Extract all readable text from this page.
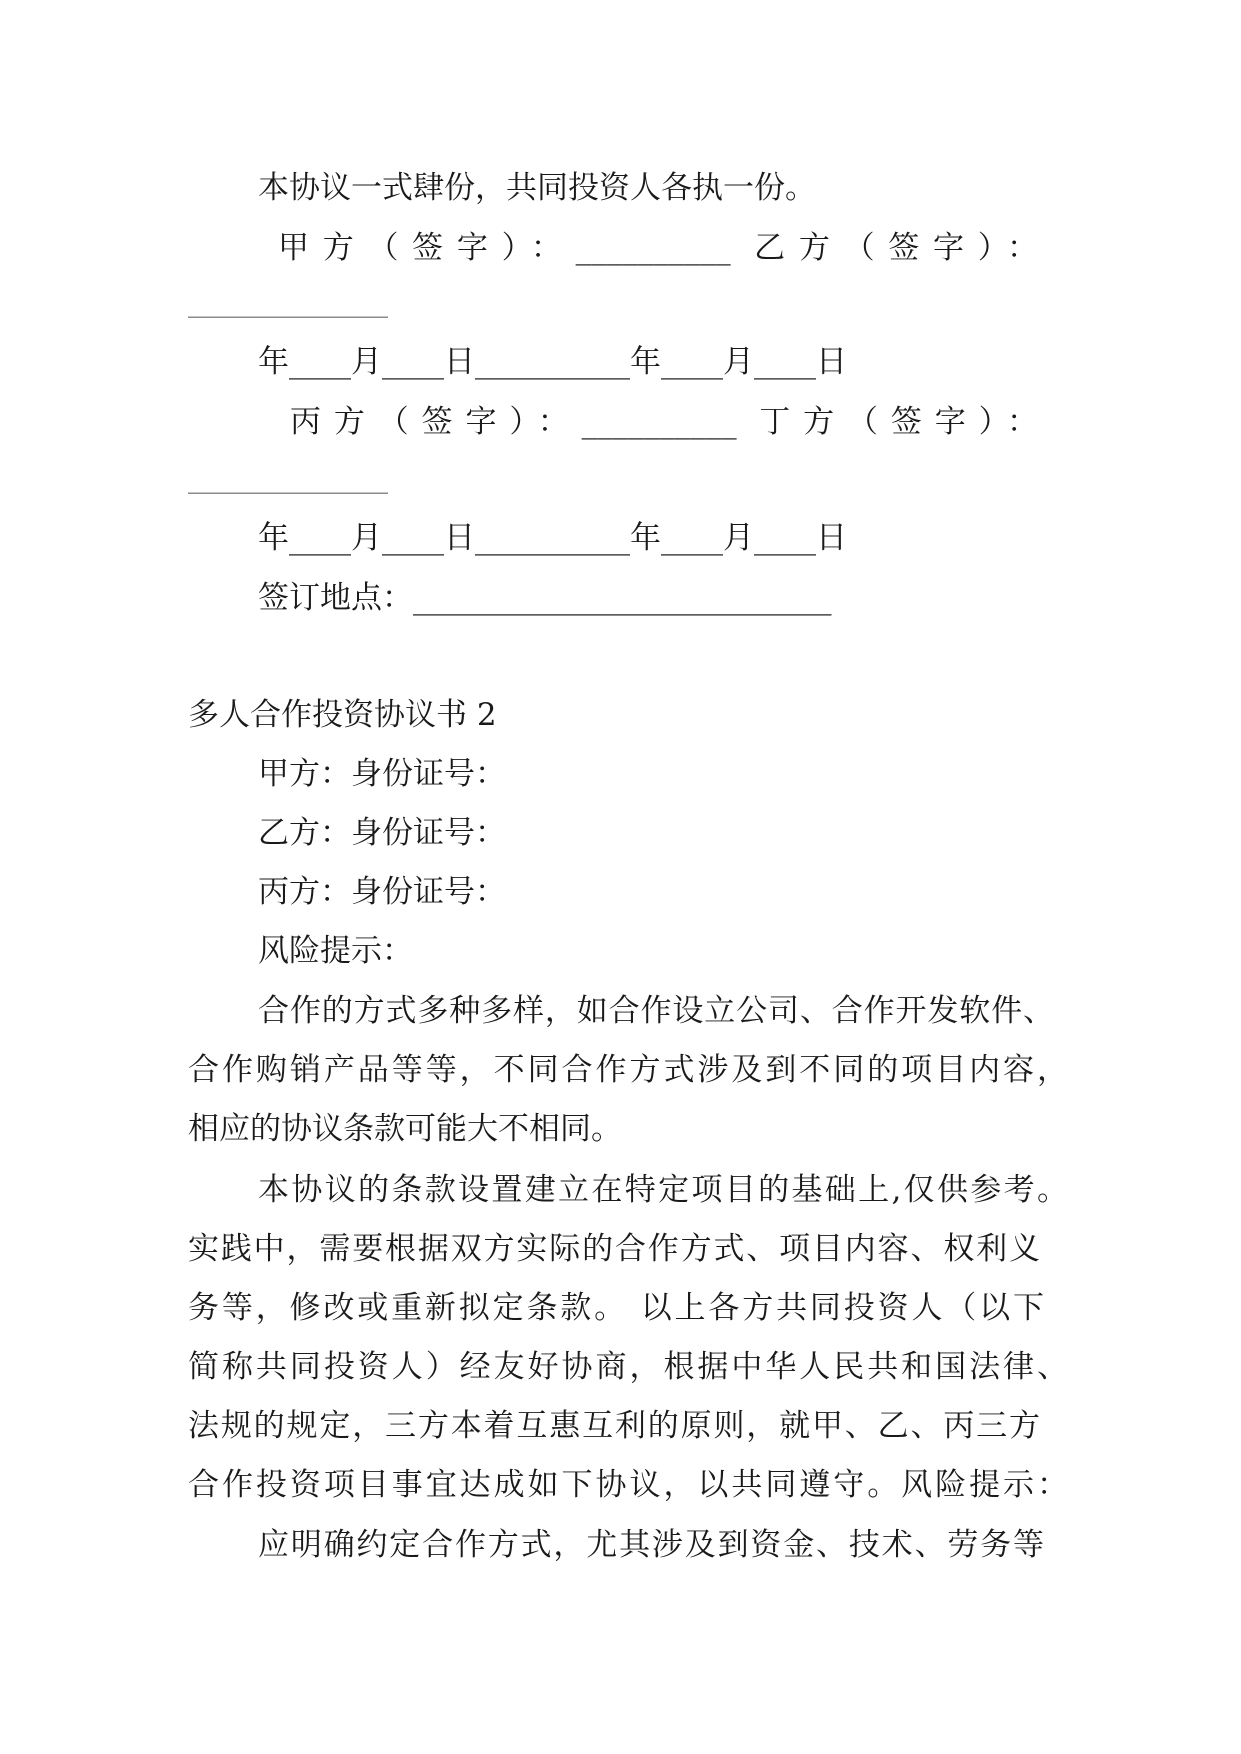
本协议一式肆份，共同投资人各执一份。
甲方（签字）：__________ 乙方（签字）：
____________________
年____月____日__________年____月____日
丙方（签字）：__________ 丁方（签字）：
____________________
年____月____日__________年____月____日
签订地点：___________________________
多人合作投资协议书 2
甲方：身份证号：
乙方：身份证号：
丙方：身份证号：
风险提示：
合作的方式多种多样，如合作设立公司、合作开发软件、
合作购销产品等等，不同合作方式涉及到不同的项目内容，
相应的协议条款可能大不相同。
本协议的条款设置建立在特定项目的基础上,仅供参考。
实践中，需要根据双方实际的合作方式、项目内容、权利义
务等，修改或重新拟定条款。 以上各方共同投资人（以下
简称共同投资人）经友好协商，根据中华人民共和国法律、
法规的规定，三方本着互惠互利的原则，就甲、乙、丙三方
合作投资项目事宜达成如下协议，以共同遵守。风险提示：
应明确约定合作方式，尤其涉及到资金、技术、劳务等
